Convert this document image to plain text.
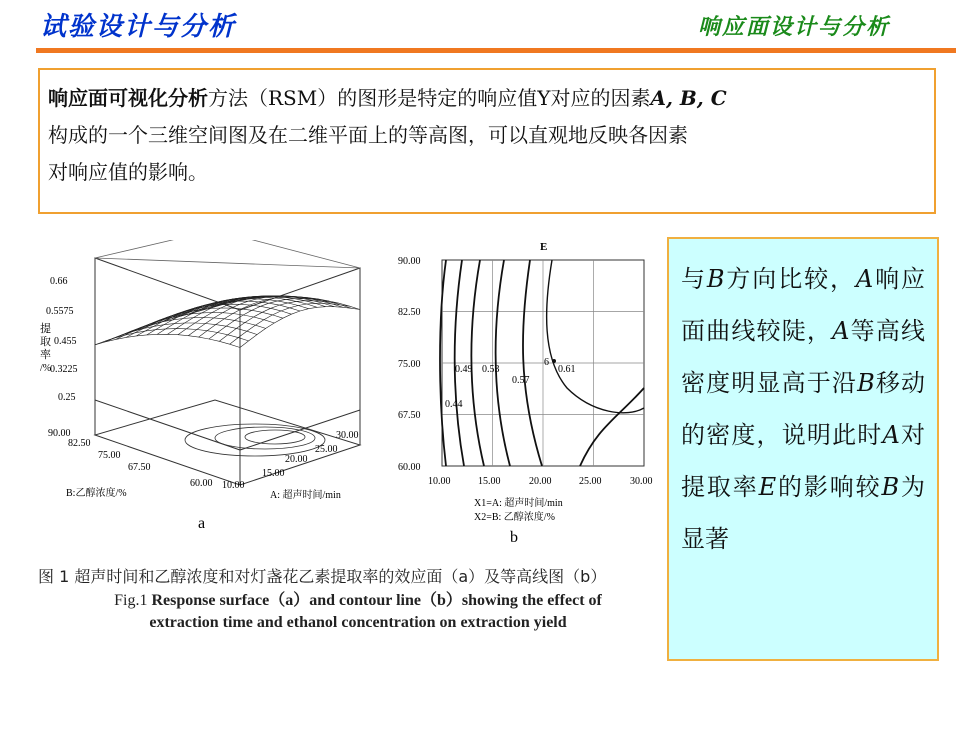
试验设计与分析	响应面设计与分析
响应面可视化分析方法（RSM）的图形是特定的响应值Y对应的因素A, B, C
构成的一个三维空间图及在二维平面上的等高图，可以直观地反映各因素
对响应值的影响。
0.66
0.5575
0.455
0.3225
0.25
提
取
率
/%
90.00
82.50
75.00
67.50
60.00 10.00
15.00
20.00
25.00
30.00
B:乙醇浓度/%	A: 超声时间/min
a
E
6
0.44
0.49 0.53
0.57
0.61
90.00
82.50
75.00
67.50
60.00
10.00	15.00	20.00	25.00	30.00
X1=A: 超声时间/min
X2=B: 乙醇浓度/%
b
图 1 超声时间和乙醇浓度和对灯盏花乙素提取率的效应面（a）及等高线图（b）
Fig.1 Response surface（a）and contour line（b）showing the effect of
extraction time and ethanol concentration on extraction yield

与B方向比较，A响应面曲线较陡，A等高线密度明显高于沿B移动的密度，说明此时A对提取率E的影响较B为显著
